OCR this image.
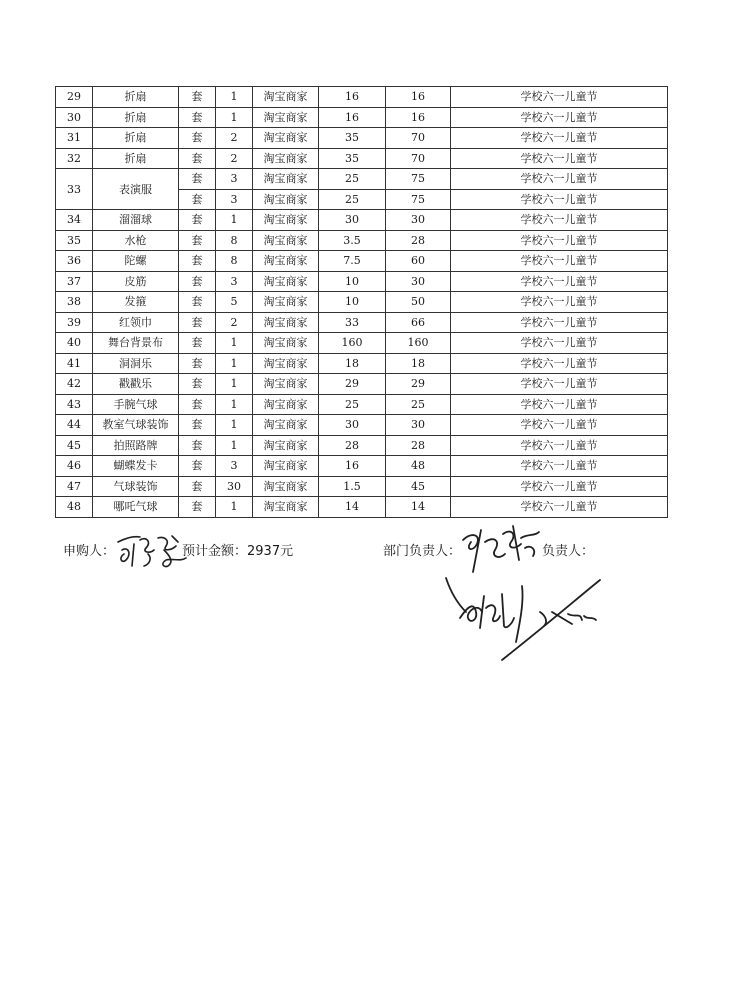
29	折扇	套	1	淘宝商家	16	16	学校六一儿童节
30	折扇	套	1	淘宝商家	16	16	学校六一儿童节
31	折扇	套	2	淘宝商家	35	70	学校六一儿童节
32	折扇	套	2	淘宝商家	35	70	学校六一儿童节
33	表演服	套	3	淘宝商家	25	75	学校六一儿童节
		套	3	淘宝商家	25	75	学校六一儿童节
34	溜溜球	套	1	淘宝商家	30	30	学校六一儿童节
35	水枪	套	8	淘宝商家	3.5	28	学校六一儿童节
36	陀螺	套	8	淘宝商家	7.5	60	学校六一儿童节
37	皮筋	套	3	淘宝商家	10	30	学校六一儿童节
38	发箍	套	5	淘宝商家	10	50	学校六一儿童节
39	红领巾	套	2	淘宝商家	33	66	学校六一儿童节
40	舞台背景布	套	1	淘宝商家	160	160	学校六一儿童节
41	洞洞乐	套	1	淘宝商家	18	18	学校六一儿童节
42	戳戳乐	套	1	淘宝商家	29	29	学校六一儿童节
43	手腕气球	套	1	淘宝商家	25	25	学校六一儿童节
44	教室气球装饰	套	1	淘宝商家	30	30	学校六一儿童节
45	拍照路牌	套	1	淘宝商家	28	28	学校六一儿童节
46	蝴蝶发卡	套	3	淘宝商家	16	48	学校六一儿童节
47	气球装饰	套	30	淘宝商家	1.5	45	学校六一儿童节
48	哪吒气球	套	1	淘宝商家	14	14	学校六一儿童节
申购人：	预计金额：2937元	部门负责人：	负责人：
